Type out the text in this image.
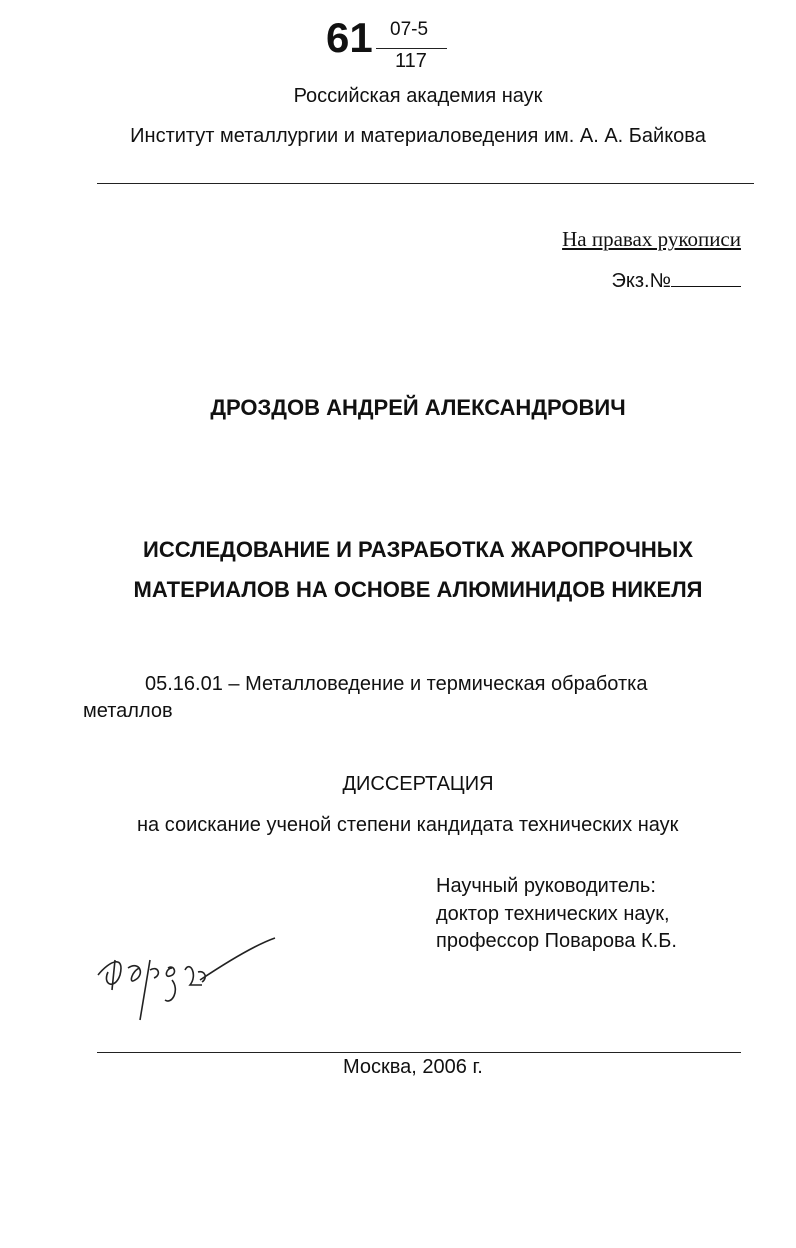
61 07-5
117
Российская академия наук
Институт металлургии и материаловедения им. А. А. Байкова
На правах рукописи
Экз.№
ДРОЗДОВ АНДРЕЙ АЛЕКСАНДРОВИЧ
ИССЛЕДОВАНИЕ И РАЗРАБОТКА ЖАРОПРОЧНЫХ
МАТЕРИАЛОВ НА ОСНОВЕ АЛЮМИНИДОВ НИКЕЛЯ
05.16.01 – Металловедение и термическая обработка
металлов
ДИССЕРТАЦИЯ
на соискание ученой степени кандидата технических наук
Научный руководитель:
доктор технических наук,
профессор Поварова К.Б.
Москва, 2006 г.
